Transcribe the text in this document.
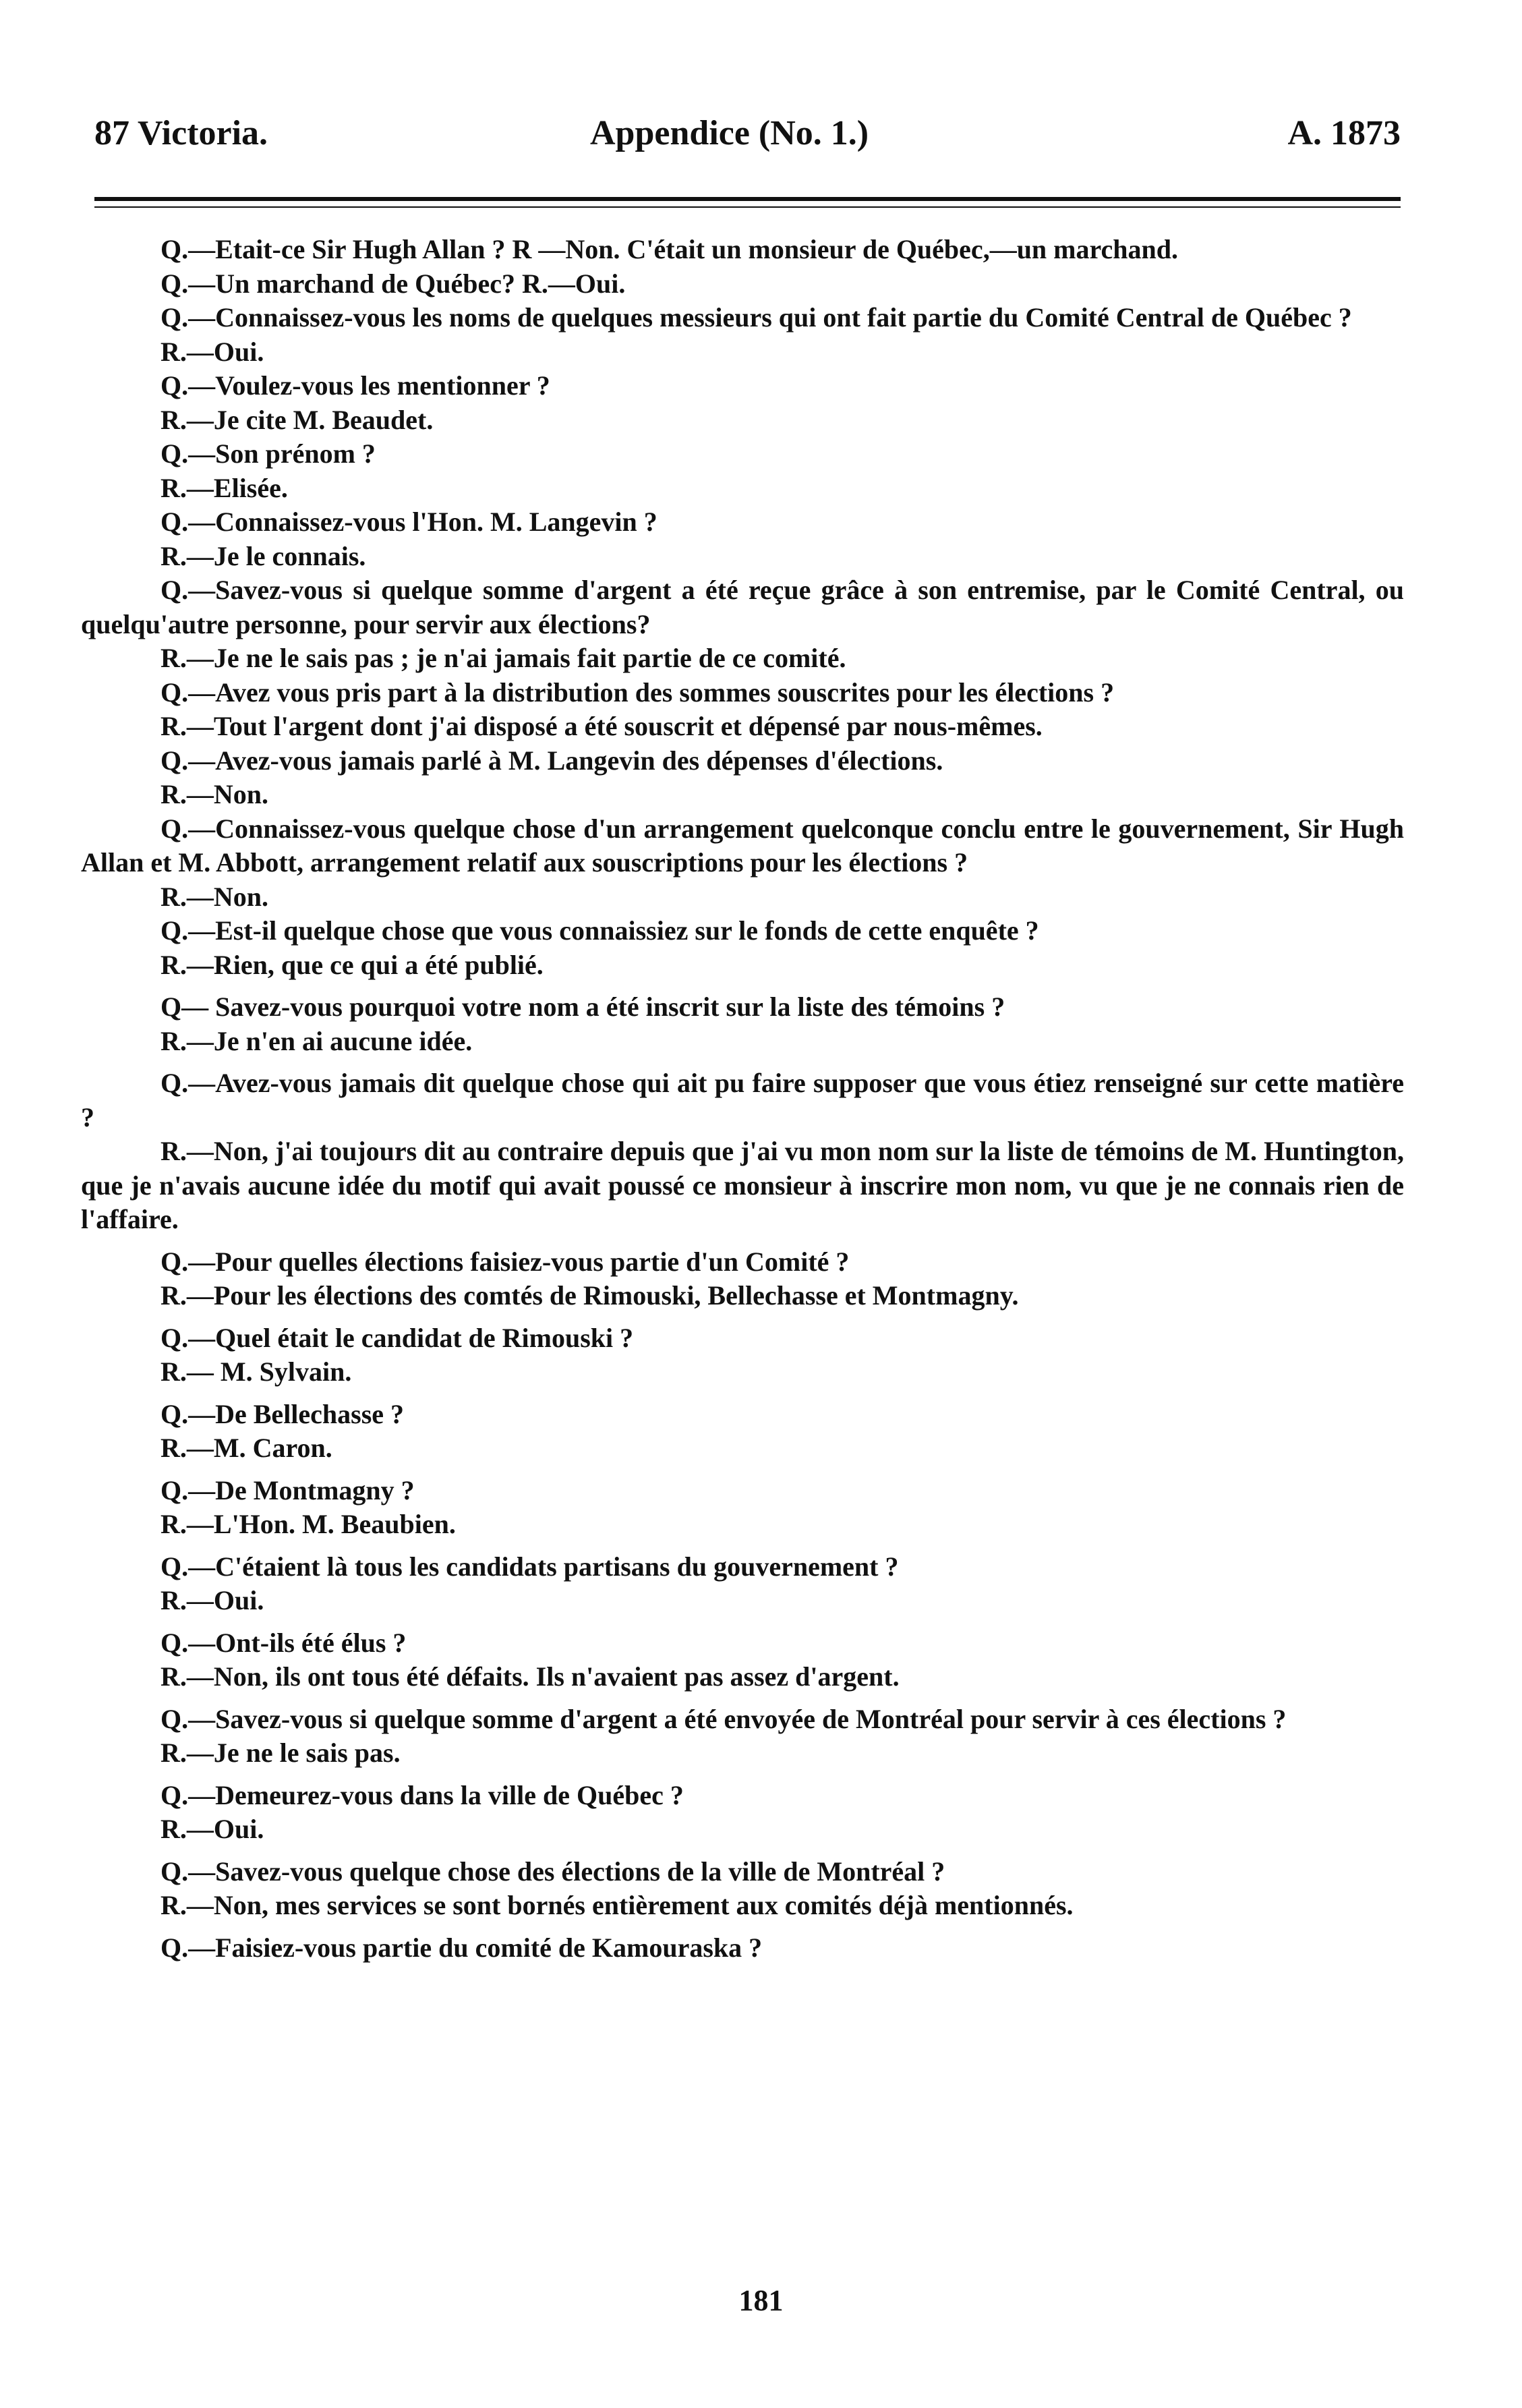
87 Victoria.	Appendice (No. 1.)	A. 1873

Q.—Etait-ce Sir Hugh Allan ? R —Non. C'était un monsieur de Québec,—un marchand.

Q.—Un marchand de Québec? R.—Oui.

Q.—Connaissez-vous les noms de quelques messieurs qui ont fait partie du Comité Central de Québec ?

R.—Oui.

Q.—Voulez-vous les mentionner ?

R.—Je cite M. Beaudet.

Q.—Son prénom ?

R.—Elisée.

Q.—Connaissez-vous l'Hon. M. Langevin ?

R.—Je le connais.

Q.—Savez-vous si quelque somme d'argent a été reçue grâce à son entremise, par le Comité Central, ou quelqu'autre personne, pour servir aux élections?

R.—Je ne le sais pas ; je n'ai jamais fait partie de ce comité.

Q.—Avez vous pris part à la distribution des sommes souscrites pour les élections ?

R.—Tout l'argent dont j'ai disposé a été souscrit et dépensé par nous-mêmes.

Q.—Avez-vous jamais parlé à M. Langevin des dépenses d'élections.

R.—Non.

Q.—Connaissez-vous quelque chose d'un arrangement quelconque conclu entre le gouvernement, Sir Hugh Allan et M. Abbott, arrangement relatif aux souscriptions pour les élections ?

R.—Non.

Q.—Est-il quelque chose que vous connaissiez sur le fonds de cette enquête ?

R.—Rien, que ce qui a été publié.

Q— Savez-vous pourquoi votre nom a été inscrit sur la liste des témoins ?

R.—Je n'en ai aucune idée.

Q.—Avez-vous jamais dit quelque chose qui ait pu faire supposer que vous étiez renseigné sur cette matière ?

R.—Non, j'ai toujours dit au contraire depuis que j'ai vu mon nom sur la liste de témoins de M. Huntington, que je n'avais aucune idée du motif qui avait poussé ce monsieur à inscrire mon nom, vu que je ne connais rien de l'affaire.

Q.—Pour quelles élections faisiez-vous partie d'un Comité ?

R.—Pour les élections des comtés de Rimouski, Bellechasse et Montmagny.

Q.—Quel était le candidat de Rimouski ?

R.— M. Sylvain.

Q.—De Bellechasse ?

R.—M. Caron.

Q.—De Montmagny ?

R.—L'Hon. M. Beaubien.

Q.—C'étaient là tous les candidats partisans du gouvernement ?

R.—Oui.

Q.—Ont-ils été élus ?

R.—Non, ils ont tous été défaits. Ils n'avaient pas assez d'argent.

Q.—Savez-vous si quelque somme d'argent a été envoyée de Montréal pour servir à ces élections ?

R.—Je ne le sais pas.

Q.—Demeurez-vous dans la ville de Québec ?

R.—Oui.

Q.—Savez-vous quelque chose des élections de la ville de Montréal ?

R.—Non, mes services se sont bornés entièrement aux comités déjà mentionnés.

Q.—Faisiez-vous partie du comité de Kamouraska ?

181
